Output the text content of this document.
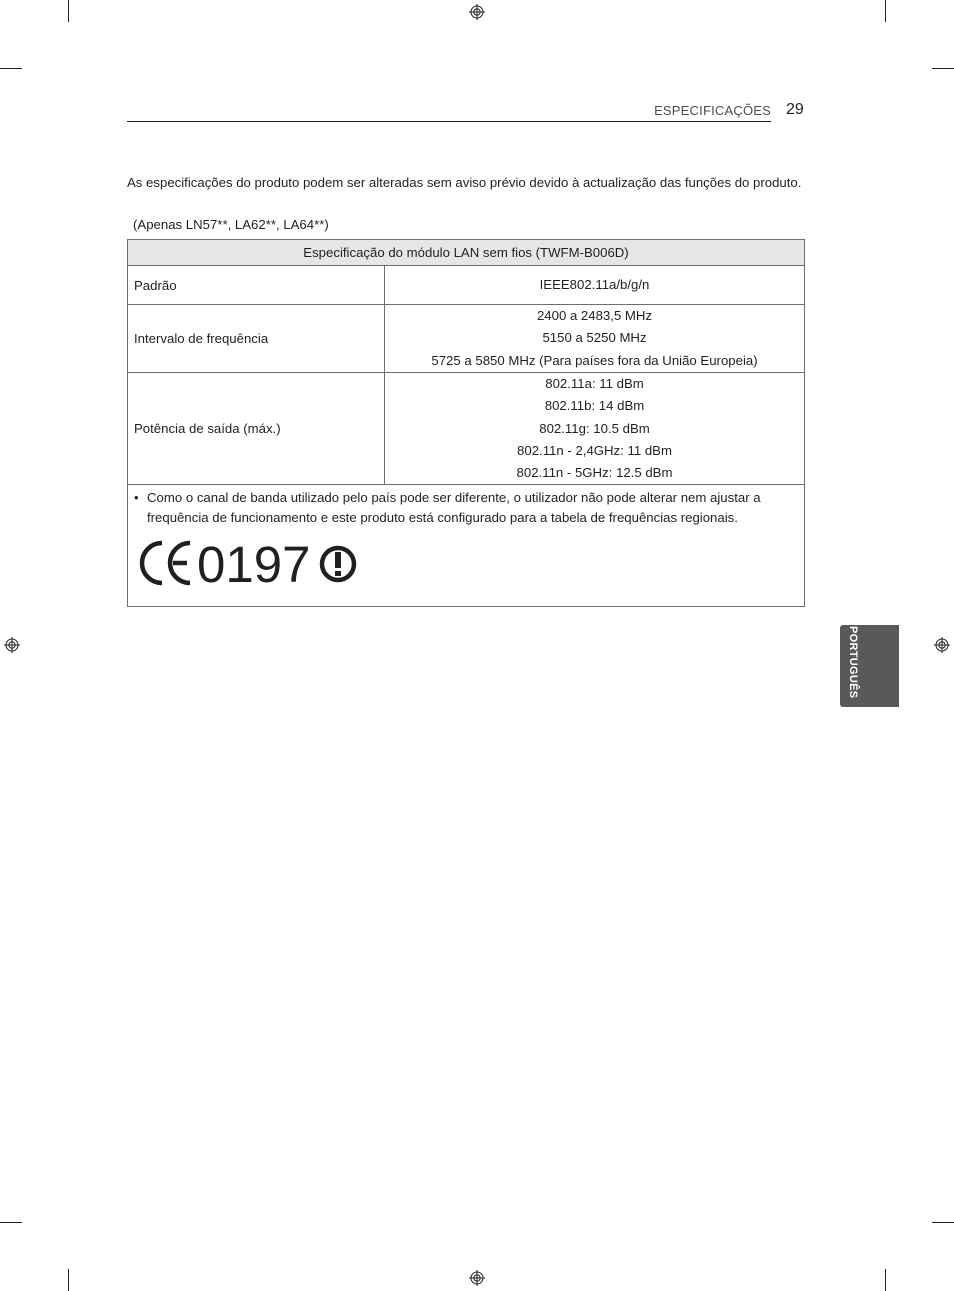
ESPECIFICAÇÕES 29
As especificações do produto podem ser alteradas sem aviso prévio devido à actualização das funções do produto.
(Apenas LN57**, LA62**, LA64**)
Especificação do módulo LAN sem fios (TWFM-B006D)	
Padrão	IEEE802.11a/b/g/n

Intervalo de frequência	2400 a 2483,5 MHz
5150 a 5250 MHz
5725 a 5850 MHz (Para países fora da União Europeia)

Potência de saída (máx.)	802.11a: 11 dBm
802.11b: 14 dBm
802.11g: 10.5 dBm
802.11n - 2,4GHz: 11 dBm
802.11n - 5GHz: 12.5 dBm

• Como o canal de banda utilizado pelo país pode ser diferente, o utilizador não pode alterar nem ajustar a frequência de funcionamento e este produto está configurado para a tabela de frequências regionais.
0197	
PORTUGUÊS
